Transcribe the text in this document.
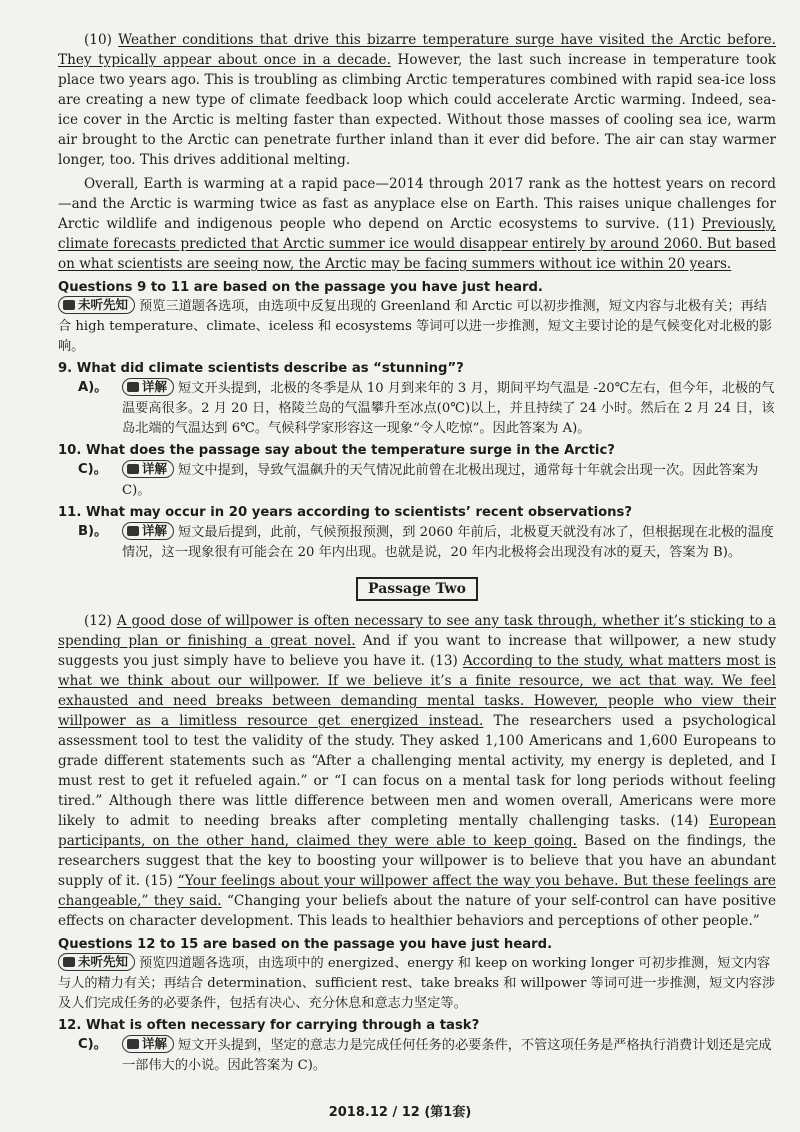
(10) Weather conditions that drive this bizarre temperature surge have visited the Arctic before. They typically appear about once in a decade. However, the last such increase in temperature took place two years ago. This is troubling as climbing Arctic temperatures combined with rapid sea-ice loss are creating a new type of climate feedback loop which could accelerate Arctic warming. Indeed, sea-ice cover in the Arctic is melting faster than expected. Without those masses of cooling sea ice, warm air brought to the Arctic can penetrate further inland than it ever did before. The air can stay warmer longer, too. This drives additional melting.

Overall, Earth is warming at a rapid pace—2014 through 2017 rank as the hottest years on record—and the Arctic is warming twice as fast as anyplace else on Earth. This raises unique challenges for Arctic wildlife and indigenous people who depend on Arctic ecosystems to survive. (11) Previously, climate forecasts predicted that Arctic summer ice would disappear entirely by around 2060. But based on what scientists are seeing now, the Arctic may be facing summers without ice within 20 years.

Questions 9 to 11 are based on the passage you have just heard.

未听先知 预览三道题各选项，由选项中反复出现的 Greenland 和 Arctic 可以初步推测，短文内容与北极有关；再结合 high temperature、climate、iceless 和 ecosystems 等词可以进一步推测，短文主要讨论的是气候变化对北极的影响。

9. What did climate scientists describe as “stunning”?

A)。	详解 短文开头提到，北极的冬季是从 10 月到来年的 3 月，期间平均气温是 -20℃左右，但今年，北极的气温要高很多。2 月 20 日，格陵兰岛的气温攀升至冰点(0℃)以上，并且持续了 24 小时。然后在 2 月 24 日，该岛北端的气温达到 6℃。气候科学家形容这一现象“令人吃惊”。因此答案为 A)。

10. What does the passage say about the temperature surge in the Arctic?

C)。	详解 短文中提到，导致气温飙升的天气情况此前曾在北极出现过，通常每十年就会出现一次。因此答案为 C)。

11. What may occur in 20 years according to scientists’ recent observations?

B)。	详解 短文最后提到，此前，气候预报预测，到 2060 年前后，北极夏天就没有冰了，但根据现在北极的温度情况，这一现象很有可能会在 20 年内出现。也就是说，20 年内北极将会出现没有冰的夏天，答案为 B)。
Passage Two

(12) A good dose of willpower is often necessary to see any task through, whether it’s sticking to a spending plan or finishing a great novel. And if you want to increase that willpower, a new study suggests you just simply have to believe you have it. (13) According to the study, what matters most is what we think about our willpower. If we believe it’s a finite resource, we act that way. We feel exhausted and need breaks between demanding mental tasks. However, people who view their willpower as a limitless resource get energized instead. The researchers used a psychological assessment tool to test the validity of the study. They asked 1,100 Americans and 1,600 Europeans to grade different statements such as “After a challenging mental activity, my energy is depleted, and I must rest to get it refueled again.” or “I can focus on a mental task for long periods without feeling tired.” Although there was little difference between men and women overall, Americans were more likely to admit to needing breaks after completing mentally challenging tasks. (14) European participants, on the other hand, claimed they were able to keep going. Based on the findings, the researchers suggest that the key to boosting your willpower is to believe that you have an abundant supply of it. (15) “Your feelings about your willpower affect the way you behave. But these feelings are changeable,” they said. “Changing your beliefs about the nature of your self-control can have positive effects on character development. This leads to healthier behaviors and perceptions of other people.”

Questions 12 to 15 are based on the passage you have just heard.

未听先知 预览四道题各选项，由选项中的 energized、energy 和 keep on working longer 可初步推测，短文内容与人的精力有关；再结合 determination、sufficient rest、take breaks 和 willpower 等词可进一步推测，短文内容涉及人们完成任务的必要条件，包括有决心、充分休息和意志力坚定等。

12. What is often necessary for carrying through a task?

C)。	详解 短文开头提到，坚定的意志力是完成任何任务的必要条件，不管这项任务是严格执行消费计划还是完成一部伟大的小说。因此答案为 C)。
2018.12 / 12 (第1套)
